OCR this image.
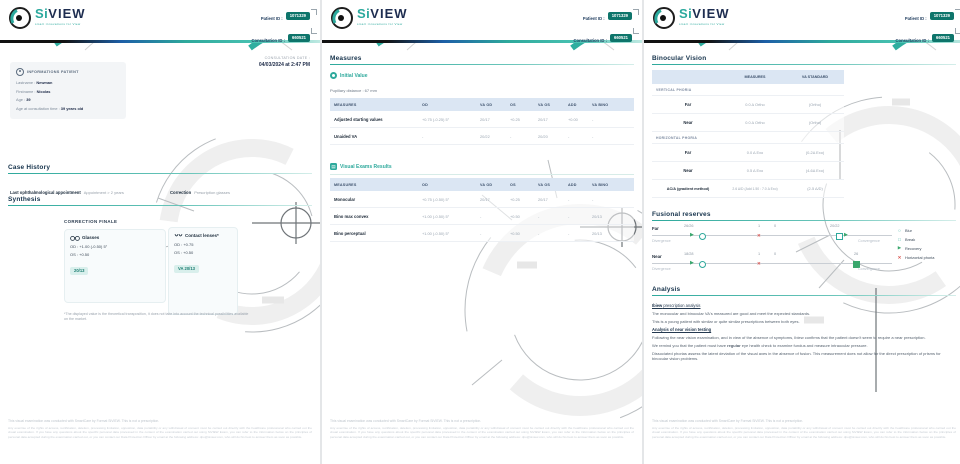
SiVIEW
smart innovations for View
Patient ID :1071329
Consultation ID :660521
CONSULTATION DATE :
04/03/2024 at 2:47 PM
INFORMATIONS PATIENT
Lastname : Newman
Firstname : Nicolas
Age : 39
Age at consultation time : 39 years old
Case History
Last ophthalmological appointment Appointment > 2 years	Correction Prescription glasses
Synthesis
CORRECTION FINALE
Glasses
OD : +1.00 (-0.50) 5°
OS : +0.50
20/13
Contact lenses*
OD : +0.75
OS : +0.50
VA 20/13
*The displayed value is the theoretical transposition, it does not take into account the technical possibilities available on the market.
This visual examination was conducted with SmartCare by Format SiVIEW. This is not a prescription.
Any exercise of the rights of access, rectification, deletion, processing limitation, opposition, data portability or any withdrawal of consent must be carried out directly with the healthcare professional who carried out the visual examination. If you have any questions about the specific personal data processed in the context of the examination carried out using SiVIEW Exam, you can refer to the information below on the principles of personal data accepted during the examination carried out, or you can contact our Data Protection Officer by email at the following address: dpo@siview.com, who will do his best to answer them as soon as possible.
SiVIEW
smart innovations for View
Patient ID :1071329
Consultation ID :660521
Measures
Initial Value
Pupillary distance : 67 mm
MEASURES	OD	VA OD	OS	VA OS	ADD	VA BINO
Adjusted starting values	+0.75 (-0.25) 5°	20/17	+0.25	20/17	+0.00	-
Unaided VA	-	20/22	-	20/20	-	-
▤ Visual Exams Results
MEASURES	OD	VA OD	OS	VA OS	ADD	VA BINO
Monocular	+0.75 (-0.50) 5°	20/17	+0.25	20/17	-	-
Bino max convex	+1.00 (-0.50) 5°	-	+0.50	-	-	20/13
Bino perceptual	+1.00 (-0.50) 5°	-	+0.50	-	-	20/13
This visual examination was conducted with SmartCare by Format SiVIEW. This is not a prescription.
Any exercise of the rights of access, rectification, deletion, processing limitation, opposition, data portability or any withdrawal of consent must be carried out directly with the healthcare professional who carried out the visual examination. If you have any questions about the specific personal data processed in the context of the examination carried out using SiVIEW Exam, you can refer to the information below on the principles of personal data accepted during the examination carried out, or you can contact our Data Protection Officer by email at the following address: dpo@siview.com, who will do his best to answer them as soon as possible.
SiVIEW
smart innovations for View
Patient ID :1071329
Consultation ID :660521
Binocular Vision
MEASURES	VA STANDARD
VERTICAL PHORIA
Far	0.0 Δ Ortho	(Ortho)
Near	0.0 Δ Ortho	(Ortho)
HORIZONTAL PHORIA
Far	0.0 Δ Exo	(0-2Δ Exo)
Near	0.5 Δ Exo	(4-6Δ Exo)
AC/A (gradient method)	2.6 Δ/D (Add 1.50 : 7.0 Δ Exo)	(2-5 Δ/D)
Fusional reserves
Far	26/26
▶
1
✕
0	20/22
▶
Divergence	Convergence
Near	18/28
▶
1
✕
0	26
Divergence	Convergence
○	Blur
□	Break
▶ Recovery
✕ Horizontal phoria
Analysis
Ibiew prescription analysis
The monocular and binocular VA's measured are good and meet the expected standards.
This is a young patient with similar or quite similar prescriptions between both eyes.
Analysis of near vision testing
Following the near vision examination, and in view of the absence of symptoms, Ibiew confirms that the patient doesn't seem to require a near prescription.
We remind you that the patient must have regular eye health check to examine fundus and measure intraocular pressure.
Dissociated phorias assess the latent deviation of the visual axes in the absence of fusion. This measurement does not allow for the direct prescription of prisms for binocular vision problems.
This visual examination was conducted with SmartCare by Format SiVIEW. This is not a prescription.
Any exercise of the rights of access, rectification, deletion, processing limitation, opposition, data portability or any withdrawal of consent must be carried out directly with the healthcare professional who carried out the visual examination. If you have any questions about the specific personal data processed in the context of the examination carried out using SiVIEW Exam, you can refer to the information below on the principles of personal data accepted during the examination carried out, or you can contact our Data Protection Officer by email at the following address: dpo@siview.com, who will do his best to answer them as soon as possible.
